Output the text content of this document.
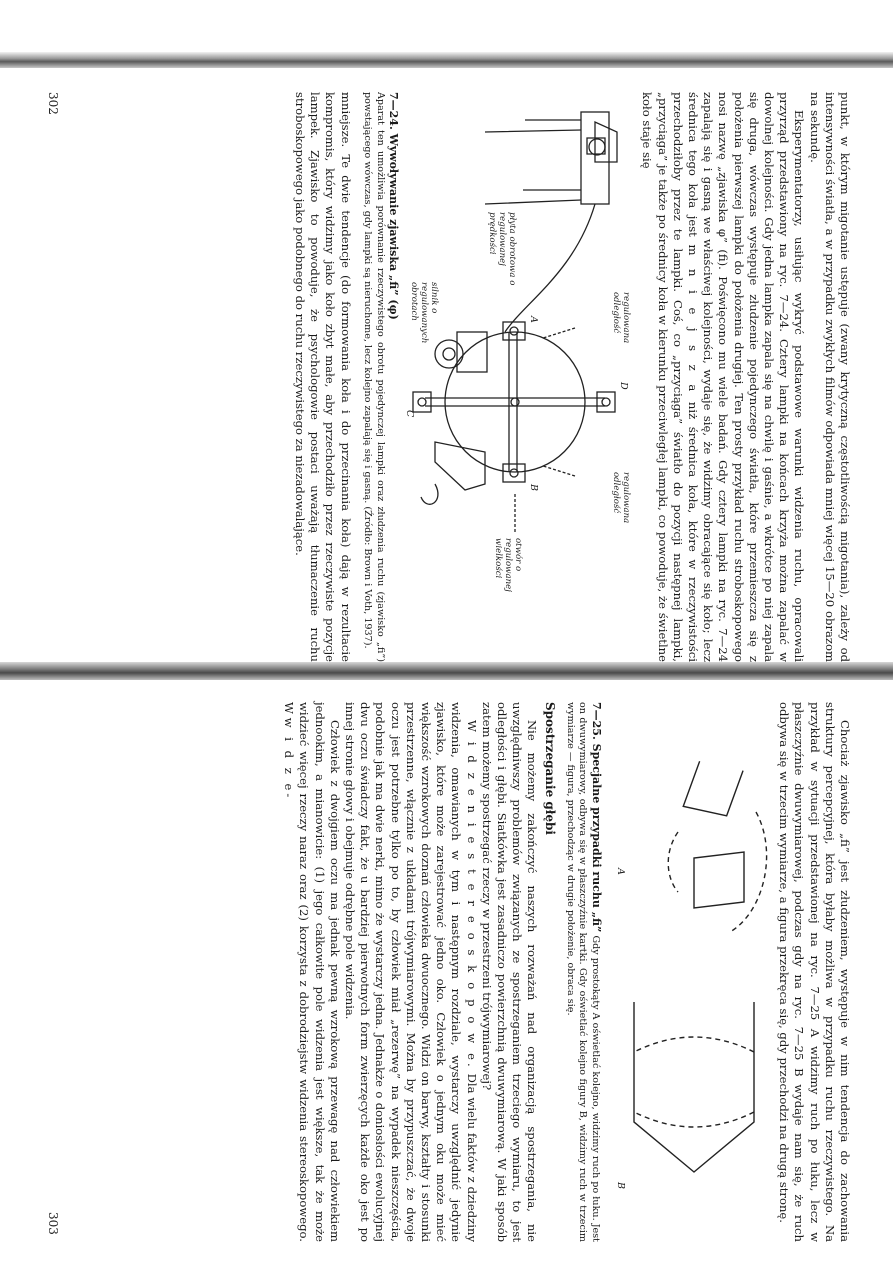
punkt, w którym migotanie ustępuje (zwany krytyczną częstotliwością migotania), zależy od intensywności światła, a w przypadku zwykłych filmów odpowiada mniej więcej 15—20 obrazom na sekundę.

Eksperymentatorzy, usiłując wykryć podstawowe warunki widzenia ruchu, opracowali przyrząd przedstawiony na ryc. 7—24. Cztery lampki na końcach krzyża można zapalać w dowolnej kolejności. Gdy jedna lampka zapala się na chwilę i gaśnie, a wkrótce po niej zapala się druga, wówczas występuje złudzenie pojedynczego światła, które przemieszcza się z położenia pierwszej lampki do położenia drugiej. Ten prosty przykład ruchu stroboskopowego nosi nazwę „zjawiska φ” (fi). Poświęcono mu wiele badań. Gdy cztery lampki na ryc. 7—24 zapalają się i gasną we właściwej kolejności, wydaje się, że widzimy obracające się koło; lecz średnica tego koła jest m n i e j s z a niż średnica koła, które w rzeczywistości przechodziłoby przez te lampki. Coś, co „przyciąga” światło do pozycji następnej lampki, „przyciąga” je także po średnicy koła w kierunku przeciwległej lampki, co powoduje, że świetlne koło staje się

regulowana odległość
regulowana odległość
płyta obrotowa o regulowanej prędkości
otwór o regulowanej wielkości
silnik o regulowanych obrotach	A
B
C
D
7—24. Wywoływanie zjawiska „fi” (φ)
Aparat ten umożliwia porównanie rzeczywistego obrotu pojedynczej lampki oraz złudzenia ruchu (zjawisko „fi”) powstającego wówczas, gdy lampki są nieruchome, lecz kolejno zapalają się i gasną. (Źródło: Brown i Voth, 1937).

mniejsze. Te dwie tendencje (do formowania koła i do przecinania koła) dają w rezultacie kompromis, który widzimy jako koło zbyt małe, aby przechodziło przez rzeczywiste pozycje lampek. Zjawisko to powoduje, że psychologowie postaci uważają tłumaczenie ruchu stroboskopowego jako podobnego do ruchu rzeczywistego za niezadowalające.

302

Chociaż zjawisko „fi” jest złudzeniem, występuje w nim tendencja do zachowania struktury percepcyjnej, która byłaby możliwa w przypadku ruchu rzeczywistego. Na przykład w sytuacji przedstawionej na ryc. 7—25 A widzimy ruch po łuku, lecz w płaszczyźnie dwuwymiarowej, podczas gdy na ryc. 7—25 B wydaje nam się, że ruch odbywa się w trzecim wymiarze, a figura przekręca się, gdy przechodzi na drugą stronę.

A
B
7—25. Specjalne przypadki ruchu „fi” Gdy prostokąty A oświetlać kolejno, widzimy ruch po łuku. Jest on dwuwymiarowy, odbywa się w płaszczyźnie kartki. Gdy oświetlać kolejno figury B, widzimy ruch w trzecim wymiarze — figura, przechodząc w drugie położenie, obraca się.
Spostrzeganie głębi

Nie możemy zakończyć naszych rozważań nad organizacją spostrzegania, nie uwzględniwszy problemów związanych ze spostrzeganiem trzeciego wymiaru, to jest odległości i głębi. Siatkówka jest zasadniczo powierzchnią dwuwymiarową. W jaki sposób zatem możemy spostrzegać rzeczy w przestrzeni trójwymiarowej?

W i d z e n i e s t e r e o s k o p o w e. Dla wielu faktów z dziedziny widzenia, omawianych w tym i następnym rozdziale, wystarczy uwzględnić jedynie zjawisko, które może zarejestrować jedno oko. Człowiek o jednym oku może mieć większość wzrokowych doznań człowieka dwuocznego. Widzi on barwy, kształty i stosunki przestrzenne, włącznie z układami trójwymiarowymi. Można by przypuszczać, że dwoje oczu jest potrzebne tylko po to, by człowiek miał „rezerwę” na wypadek nieszczęścia, podobnie jak ma dwie nerki, mimo że wystarczy jedna. Jednakże o doniosłości ewolucyjnej dwu oczu świadczy fakt, że u bardziej pierwotnych form zwierzęcych każde oko jest po innej stronie głowy i obejmuje odrębne pole widzenia.

Człowiek z dwojgiem oczu ma jednak pewną wzrokową przewagę nad człowiekiem jednookim, a mianowicie: (1) jego całkowite pole widzenia jest większe, tak że może widzieć więcej rzeczy naraz oraz (2) korzysta z dobrodziejstw widzenia stereoskopowego. W w i d z e-

303
